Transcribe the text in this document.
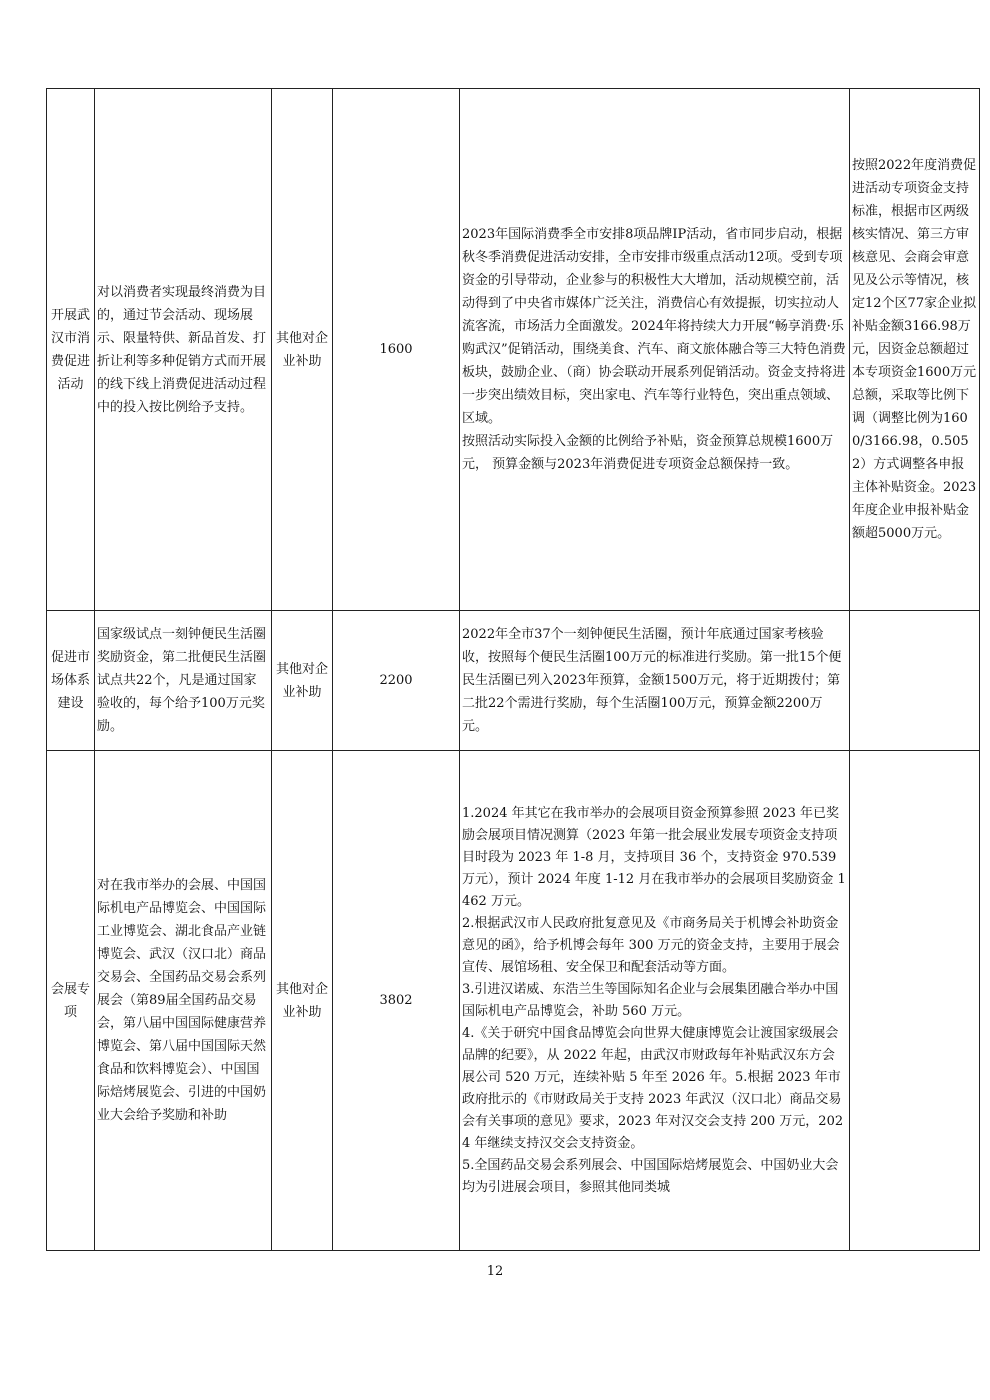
开展武汉市消费促进活动	对以消费者实现最终消费为目的，通过节会活动、现场展示、限量特供、新品首发、打折让利等多种促销方式而开展的线下线上消费促进活动过程中的投入按比例给予支持。	其他对企业补助	1600	2023年国际消费季全市安排8项品牌IP活动，省市同步启动，根据秋冬季消费促进活动安排，全市安排市级重点活动12项。受到专项资金的引导带动，企业参与的积极性大大增加，活动规模空前，活动得到了中央省市媒体广泛关注，消费信心有效提振，切实拉动人流客流，市场活力全面激发。2024年将持续大力开展“畅享消费·乐购武汉”促销活动，围绕美食、汽车、商文旅体融合等三大特色消费板块，鼓励企业、（商）协会联动开展系列促销活动。资金支持将进一步突出绩效目标，突出家电、汽车等行业特色，突出重点领域、区域。

按照活动实际投入金额的比例给予补贴，资金预算总规模1600万元， 预算金额与2023年消费促进专项资金总额保持一致。	按照2022年度消费促进活动专项资金支持标准，根据市区两级核实情况、第三方审核意见、会商会审意见及公示等情况，核定12个区77家企业拟补贴金额3166.98万元，因资金总额超过本专项资金1600万元总额，采取等比例下调（调整比例为1600/3166.98，0.5052）方式调整各申报主体补贴资金。2023年度企业申报补贴金额超5000万元。
促进市场体系建设	国家级试点一刻钟便民生活圈奖励资金，第二批便民生活圈试点共22个，凡是通过国家验收的，每个给予100万元奖励。	其他对企业补助	2200	2022年全市37个一刻钟便民生活圈，预计年底通过国家考核验收，按照每个便民生活圈100万元的标准进行奖励。第一批15个便民生活圈已列入2023年预算，金额1500万元，将于近期拨付；第二批22个需进行奖励，每个生活圈100万元，预算金额2200万元。	

会展专项	对在我市举办的会展、中国国际机电产品博览会、中国国际工业博览会、湖北食品产业链博览会、武汉（汉口北）商品交易会、全国药品交易会系列展会（第89届全国药品交易会，第八届中国国际健康营养博览会、第八届中国国际天然食品和饮料博览会）、中国国际焙烤展览会、引进的中国奶业大会给予奖励和补助	其他对企业补助	3802	1.2024 年其它在我市举办的会展项目资金预算参照 2023 年已奖励会展项目情况测算（2023 年第一批会展业发展专项资金支持项目时段为 2023 年 1-8 月，支持项目 36 个，支持资金 970.539 万元），预计 2024 年度 1-12 月在我市举办的会展项目奖励资金 1462 万元。

2.根据武汉市人民政府批复意见及《市商务局关于机博会补助资金意见的函》，给予机博会每年 300 万元的资金支持，主要用于展会宣传、展馆场租、安全保卫和配套活动等方面。

3.引进汉诺威、东浩兰生等国际知名企业与会展集团融合举办中国国际机电产品博览会，补助 560 万元。

4.《关于研究中国食品博览会向世界大健康博览会让渡国家级展会品牌的纪要》，从 2022 年起，由武汉市财政每年补贴武汉东方会展公司 520 万元，连续补贴 5 年至 2026 年。5.根据 2023 年市政府批示的《市财政局关于支持 2023 年武汉（汉口北）商品交易会有关事项的意见》要求，2023 年对汉交会支持 200 万元，2024 年继续支持汉交会支持资金。

5.全国药品交易会系列展会、中国国际焙烤展览会、中国奶业大会均为引进展会项目，参照其他同类城	

12
